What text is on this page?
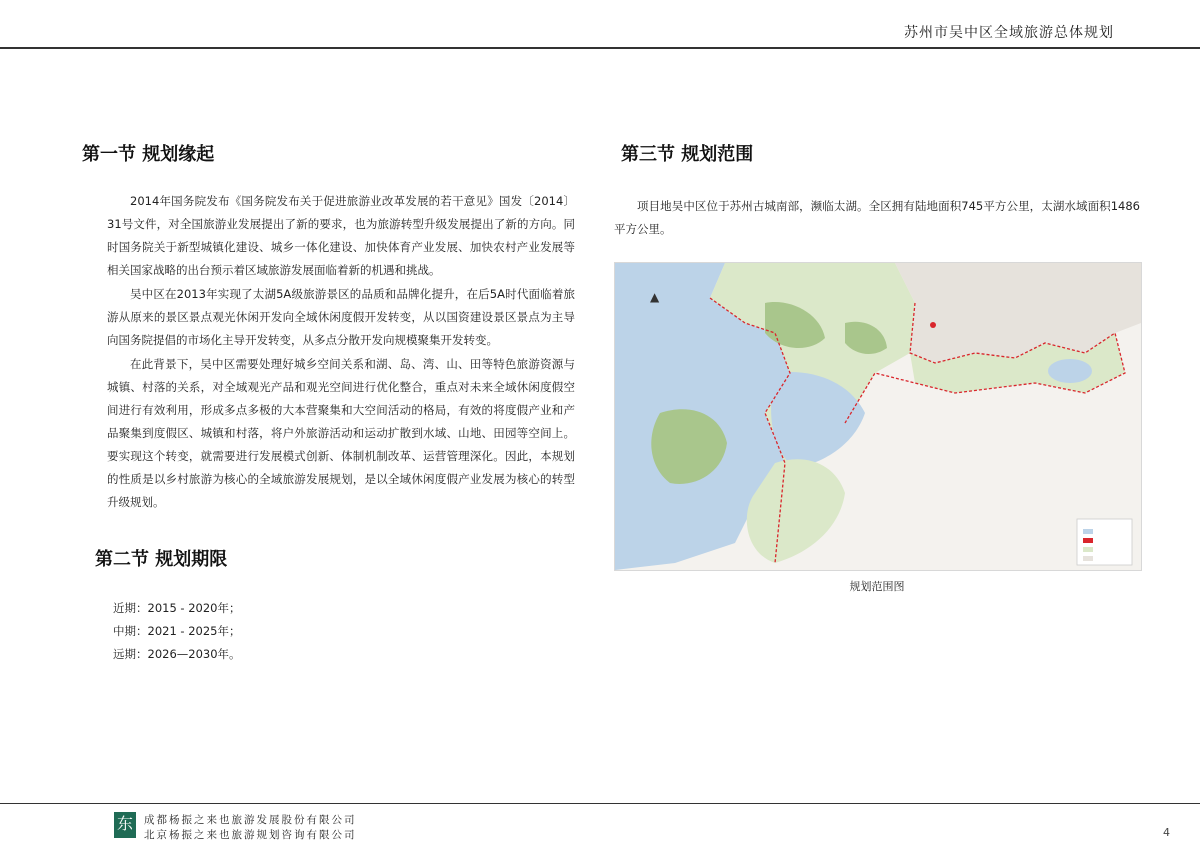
苏州市吴中区全域旅游总体规划
第一节 规划缘起

2014年国务院发布《国务院发布关于促进旅游业改革发展的若干意见》国发〔2014〕31号文件，对全国旅游业发展提出了新的要求，也为旅游转型升级发展提出了新的方向。同时国务院关于新型城镇化建设、城乡一体化建设、加快体育产业发展、加快农村产业发展等相关国家战略的出台预示着区域旅游发展面临着新的机遇和挑战。

吴中区在2013年实现了太湖5A级旅游景区的品质和品牌化提升，在后5A时代面临着旅游从原来的景区景点观光休闲开发向全域休闲度假开发转变，从以国资建设景区景点为主导向国务院提倡的市场化主导开发转变，从多点分散开发向规模聚集开发转变。

在此背景下，吴中区需要处理好城乡空间关系和湖、岛、湾、山、田等特色旅游资源与城镇、村落的关系，对全域观光产品和观光空间进行优化整合，重点对未来全域休闲度假空间进行有效利用，形成多点多极的大本营聚集和大空间活动的格局，有效的将度假产业和产品聚集到度假区、城镇和村落，将户外旅游活动和运动扩散到水域、山地、田园等空间上。要实现这个转变，就需要进行发展模式创新、体制机制改革、运营管理深化。因此，本规划的性质是以乡村旅游为核心的全域旅游发展规划，是以全域休闲度假产业发展为核心的转型升级规划。

第二节 规划期限
近期：2015 - 2020年；
中期：2021 - 2025年；
远期：2026—2030年。
第三节 规划范围

项目地吴中区位于苏州古城南部，濒临太湖。全区拥有陆地面积745平方公里，太湖水域面积1486平方公里。

▲
规划范围图
东 成都杨振之来也旅游发展股份有限公司
北京杨振之来也旅游规划咨询有限公司	4
